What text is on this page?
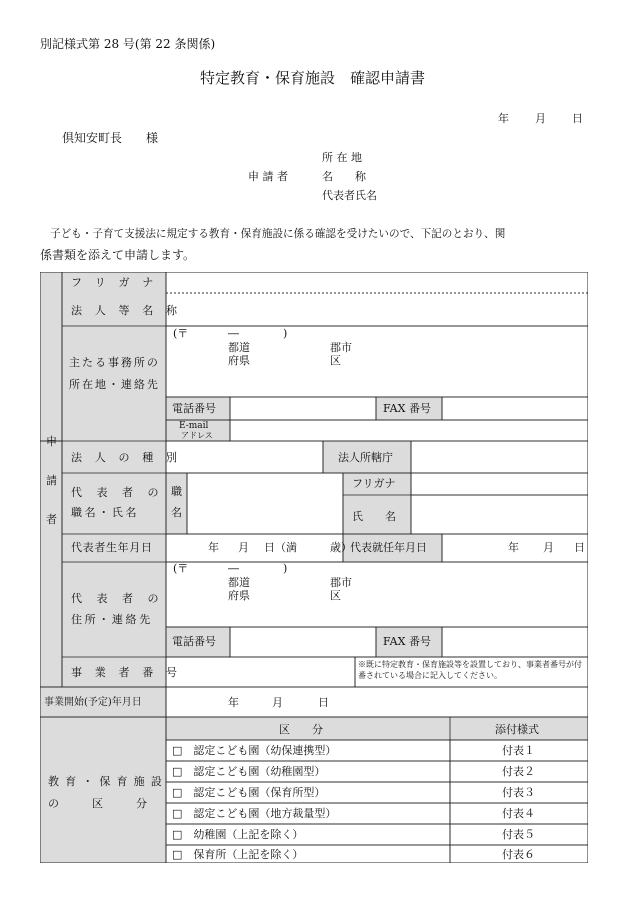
別記様式第 28 号(第 22 条関係)
特定教育・保育施設　確認申請書
年 月 日
倶知安町長　　様
所 在 地
申 請 者	名　　称
代表者氏名
子ども・子育て支援法に規定する教育・保育施設に係る確認を受けたいので、下記のとおり、関
係書類を添えて申請します。
申
請
者
フ リ ガ ナ
法 人 等 名 称
主たる事務所の
所在地・連絡先
(〒	―	)
都道
府県
郡市
区
電話番号	FAX 番号
E-mail
アドレス
法 人 の 種 別	法人所轄庁
代 表 者 の
職名・氏名
職
名
フリガナ
氏　　名
代表者生年月日	年 月 日（満　　　歳）
代表就任年月日	年 月 日
代 表 者 の
住所・連絡先
(〒	―	)
都道
府県
郡市
区
電話番号	FAX 番号
事 業 者 番 号
※既に特定教育・保育施設等を設置しており、事業者番号が付番されている場合に記入してください。
事業開始(予定)年月日	年	月	日
教 育 ・ 保 育 施 設
の　　　区　　　分
区　　分	添付様式
□　認定こども園（幼保連携型）	付表１
□　認定こども園（幼稚園型）	付表２
□　認定こども園（保育所型）	付表３
□　認定こども園（地方裁量型）	付表４
□　幼稚園（上記を除く）	付表５
□　保育所（上記を除く）	付表６
